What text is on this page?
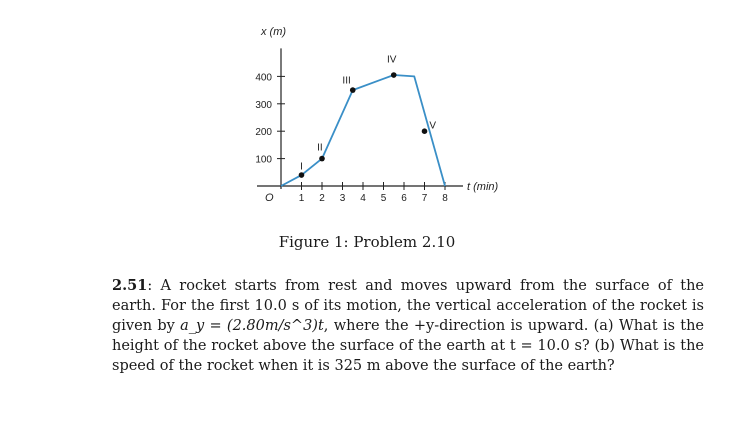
x (m)
t (min)
O	1 2 3 4 5 6 7 8
100
200
300
400
I
II
III
IV
V
Figure 1: Problem 2.10
2.51: A rocket starts from rest and moves upward from the surface of the earth. For the first 10.0 s of its motion, the vertical acceleration of the rocket is given by a_y = (2.80m/s^3)t, where the +y-direction is upward. (a) What is the height of the rocket above the surface of the earth at t = 10.0 s? (b) What is the speed of the rocket when it is 325 m above the surface of the earth?
